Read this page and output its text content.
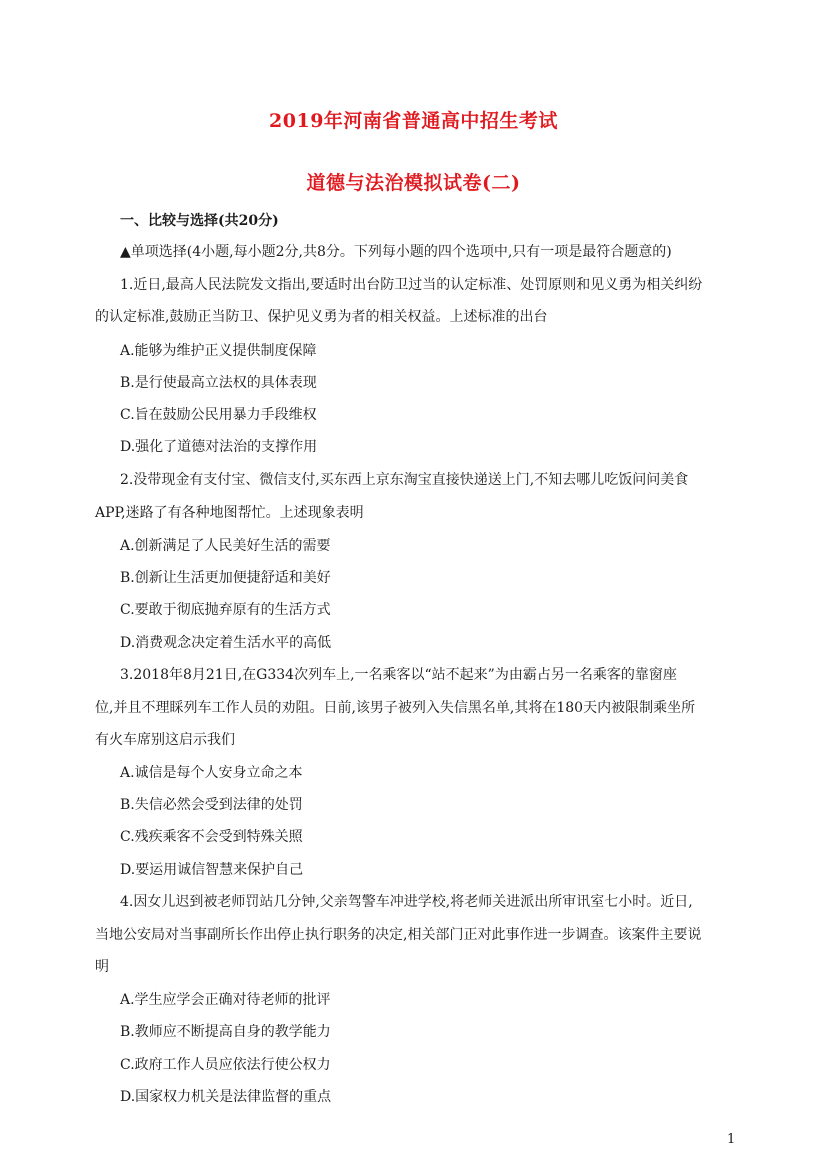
2019年河南省普通高中招生考试
道德与法治模拟试卷(二)
一、比较与选择(共20分)
▲单项选择(4小题,每小题2分,共8分。下列每小题的四个选项中,只有一项是最符合题意的)
1.近日,最高人民法院发文指出,要适时出台防卫过当的认定标准、处罚原则和见义勇为相关纠纷
的认定标准,鼓励正当防卫、保护见义勇为者的相关权益。上述标准的出台
A.能够为维护正义提供制度保障
B.是行使最高立法权的具体表现
C.旨在鼓励公民用暴力手段维权
D.强化了道德对法治的支撑作用
2.没带现金有支付宝、微信支付,买东西上京东淘宝直接快递送上门,不知去哪儿吃饭问问美食
APP,迷路了有各种地图帮忙。上述现象表明
A.创新满足了人民美好生活的需要
B.创新让生活更加便捷舒适和美好
C.要敢于彻底抛弃原有的生活方式
D.消费观念决定着生活水平的高低
3.2018年8月21日,在G334次列车上,一名乘客以“站不起来”为由霸占另一名乘客的靠窗座
位,并且不理睬列车工作人员的劝阻。日前,该男子被列入失信黑名单,其将在180天内被限制乘坐所
有火车席别这启示我们
A.诚信是每个人安身立命之本
B.失信必然会受到法律的处罚
C.残疾乘客不会受到特殊关照
D.要运用诚信智慧来保护自己
4.因女儿迟到被老师罚站几分钟,父亲驾警车冲进学校,将老师关进派出所审讯室七小时。近日,
当地公安局对当事副所长作出停止执行职务的决定,相关部门正对此事作进一步调查。该案件主要说
明
A.学生应学会正确对待老师的批评
B.教师应不断提高自身的教学能力
C.政府工作人员应依法行使公权力
D.国家权力机关是法律监督的重点
1
